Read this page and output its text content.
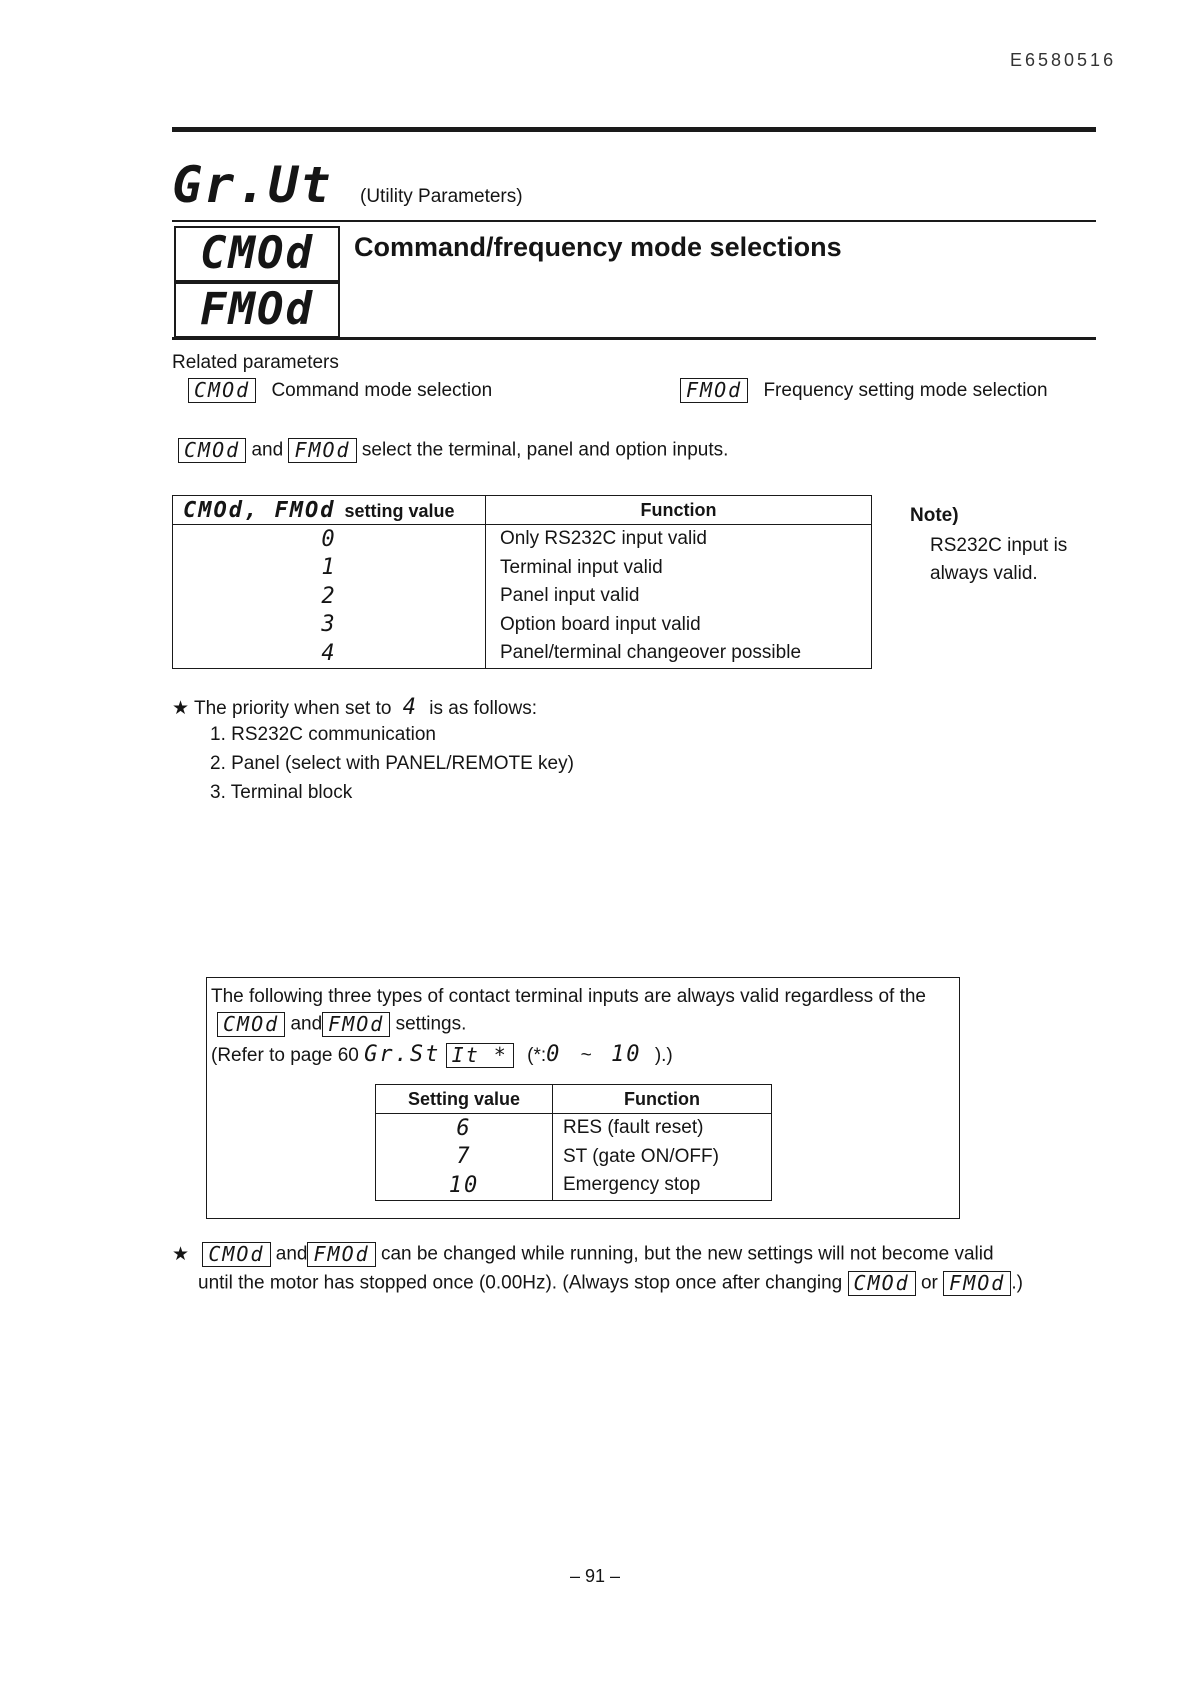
E6580516
Gr.Ut (Utility Parameters)
CMOd
FMOd
Command/frequency mode selections
Related parameters
CMOd Command mode selection	FMOd Frequency setting mode selection
CMOd and FMOd select the terminal, panel and option inputs.
CMOd, FMOd setting value	Function
0	Only RS232C input valid
1	Terminal input valid
2	Panel input valid
3	Option board input valid
4	Panel/terminal changeover possible
Note)
RS232C input is
always valid.
★ The priority when set to 4 is as follows:
1. RS232C communication
2. Panel (select with PANEL/REMOTE key)
3. Terminal block
The following three types of contact terminal inputs are always valid regardless of the
CMOd and FMOd settings.
(Refer to page 60 Gr.St It * (*:0 ~ 10 ).)
Setting value	Function
6	RES (fault reset)
7	ST (gate ON/OFF)
10	Emergency stop
★ CMOd and FMOd can be changed while running, but the new settings will not become valid
until the motor has stopped once (0.00Hz). (Always stop once after changing CMOd or FMOd .)
– 91 –
